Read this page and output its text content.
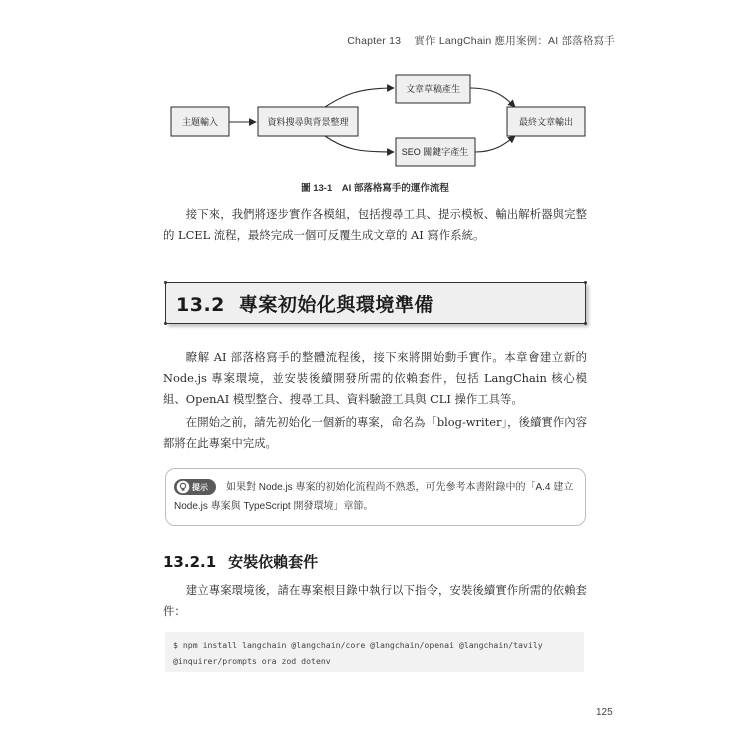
Chapter 13 實作 LangChain 應用案例：AI 部落格寫手
主題輸入	資料搜尋與背景整理
文章草稿產生
SEO 關鍵字產生
最終文章輸出
圖 13-1　AI 部落格寫手的運作流程

接下來，我們將逐步實作各模組，包括搜尋工具、提示模板、輸出解析器與完整的 LCEL 流程，最終完成一個可反覆生成文章的 AI 寫作系統。

13.2 專案初始化與環境準備

瞭解 AI 部落格寫手的整體流程後，接下來將開始動手實作。本章會建立新的 Node.js 專案環境，並安裝後續開發所需的依賴套件，包括 LangChain 核心模組、OpenAI 模型整合、搜尋工具、資料驗證工具與 CLI 操作工具等。

在開始之前，請先初始化一個新的專案，命名為「blog-writer」，後續實作內容都將在此專案中完成。

如果對 Node.js 專案的初始化流程尚不熟悉，可先參考本書附錄中的「A.4 建立 Node.js 專案與 TypeScript 開發環境」章節。

提示
13.2.1 安裝依賴套件

建立專案環境後，請在專案根目錄中執行以下指令，安裝後續實作所需的依賴套件：

$ npm install langchain @langchain/core @langchain/openai @langchain/tavily
@inquirer/prompts ora zod dotenv
125
